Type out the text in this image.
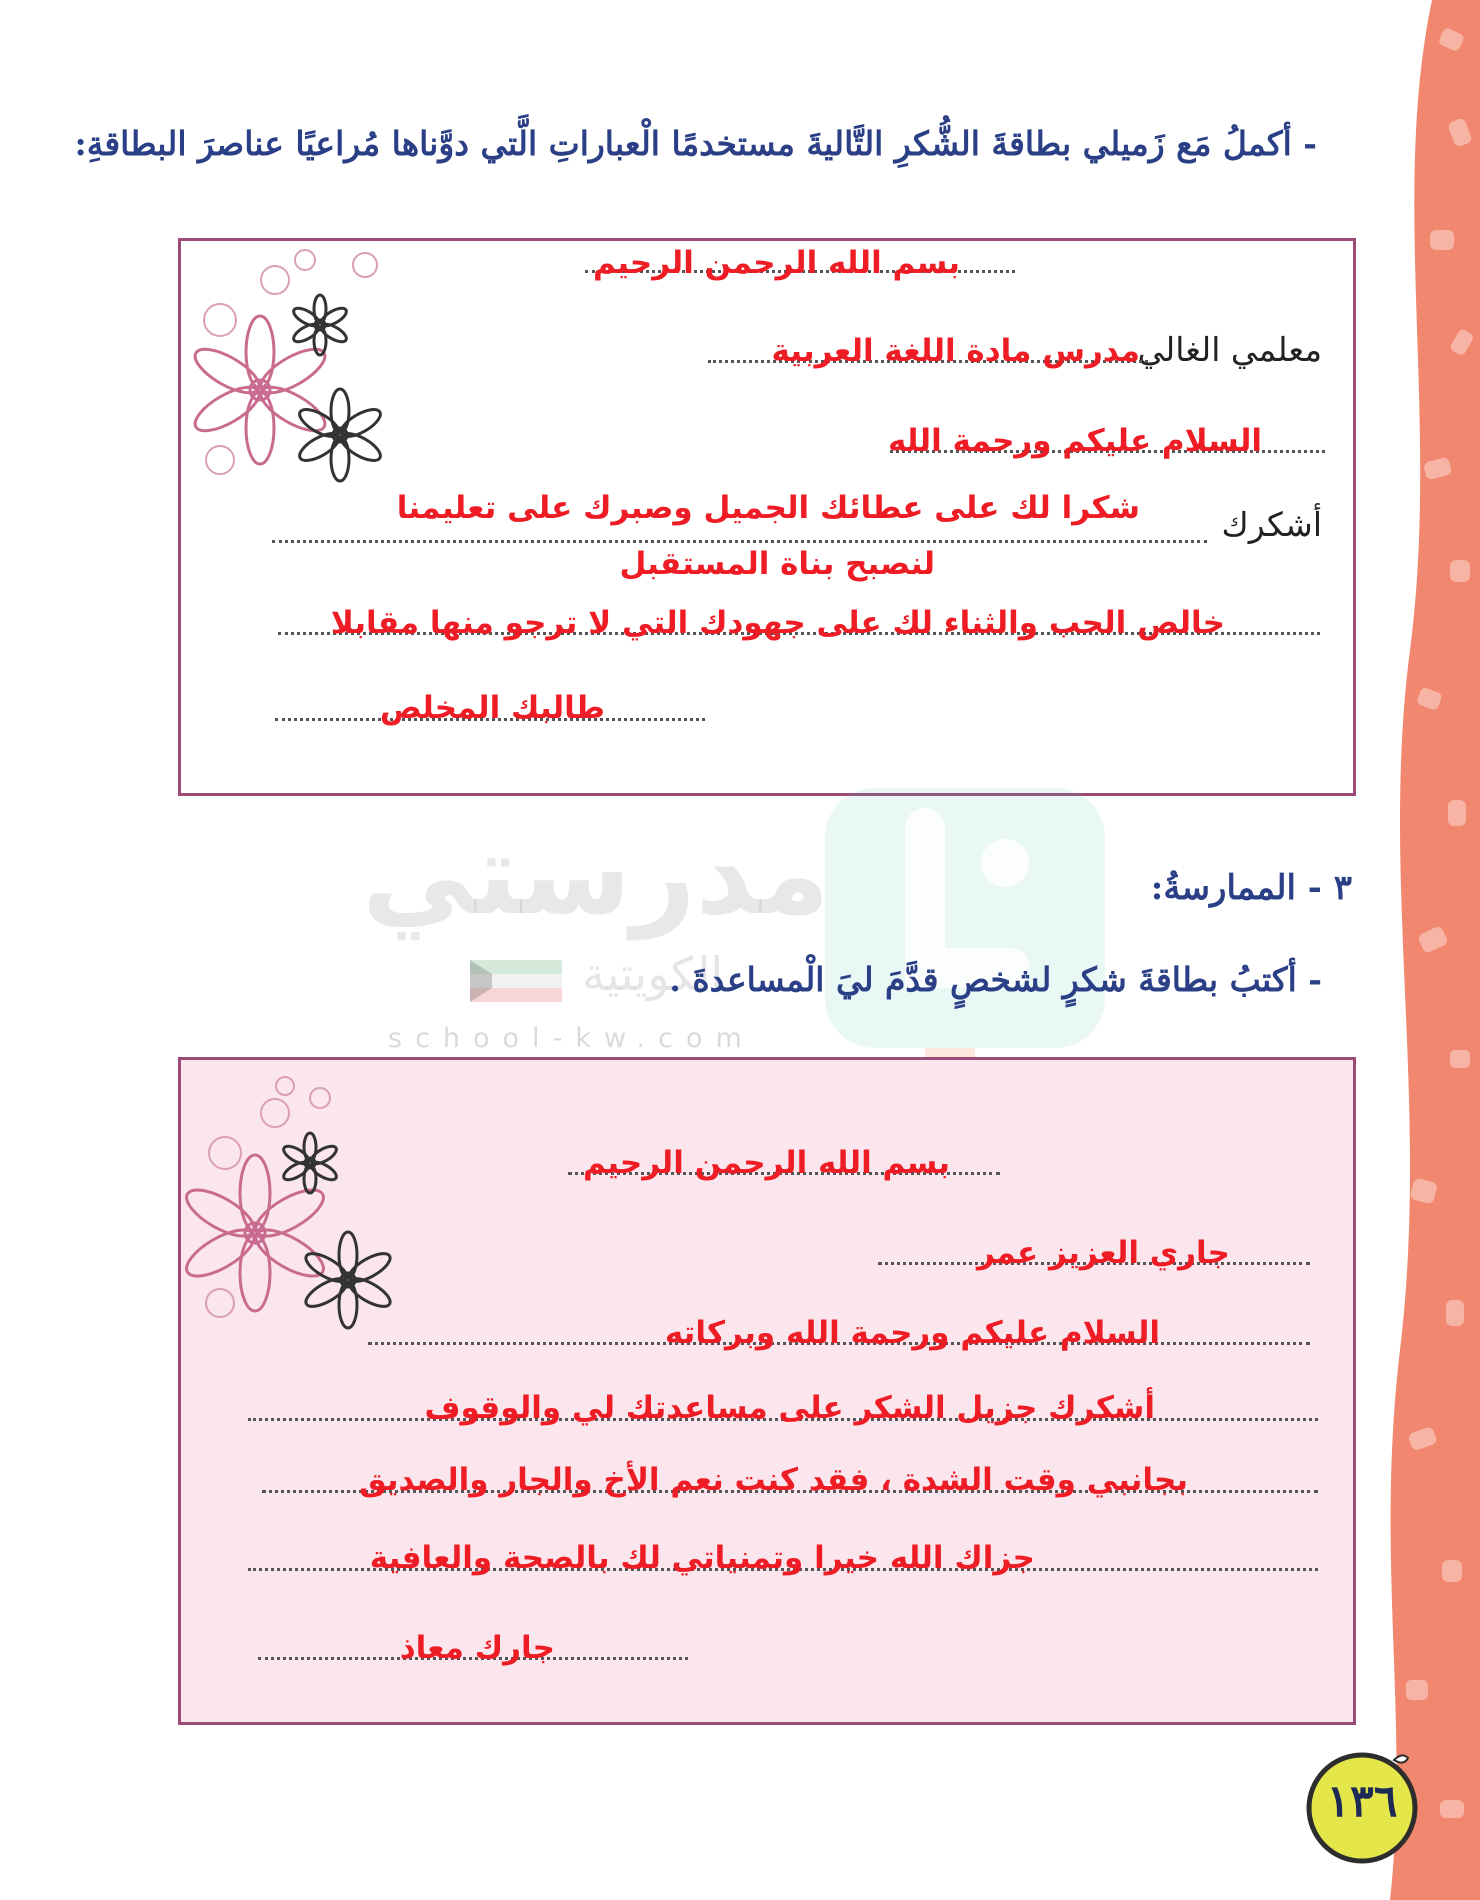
- أكملُ مَع زَميلي بطاقةَ الشُّكرِ التَّاليةَ مستخدمًا الْعباراتِ الَّتي دوَّناها مُراعيًا عناصرَ البطاقةِ:
بسم الله الرحمن الرحيم
معلمي الغالي
مدرس مادة اللغة العربية
السلام عليكم ورحمة الله
أشكرك
شكرا لك على عطائك الجميل وصبرك على تعليمنا
لنصبح بناة المستقبل
خالص الحب والثناء لك على جهودك التي لا ترجو منها مقابلا
طالبك المخلص
٣ - الممارسةُ:
مدرستي
الكويتية
school-kw.com
- أكتبُ بطاقةَ شكرٍ لشخصٍ قدَّمَ ليَ الْمساعدةَ .
بسم الله الرحمن الرحيم
جاري العزيز عمر
السلام عليكم ورحمة الله وبركاته
أشكرك جزيل الشكر على مساعدتك لي والوقوف
بجانبي وقت الشدة ، فقد كنت نعم الأخ والجار والصديق
جزاك الله خيرا وتمنياتي لك بالصحة والعافية
جارك معاذ
١٣٦
